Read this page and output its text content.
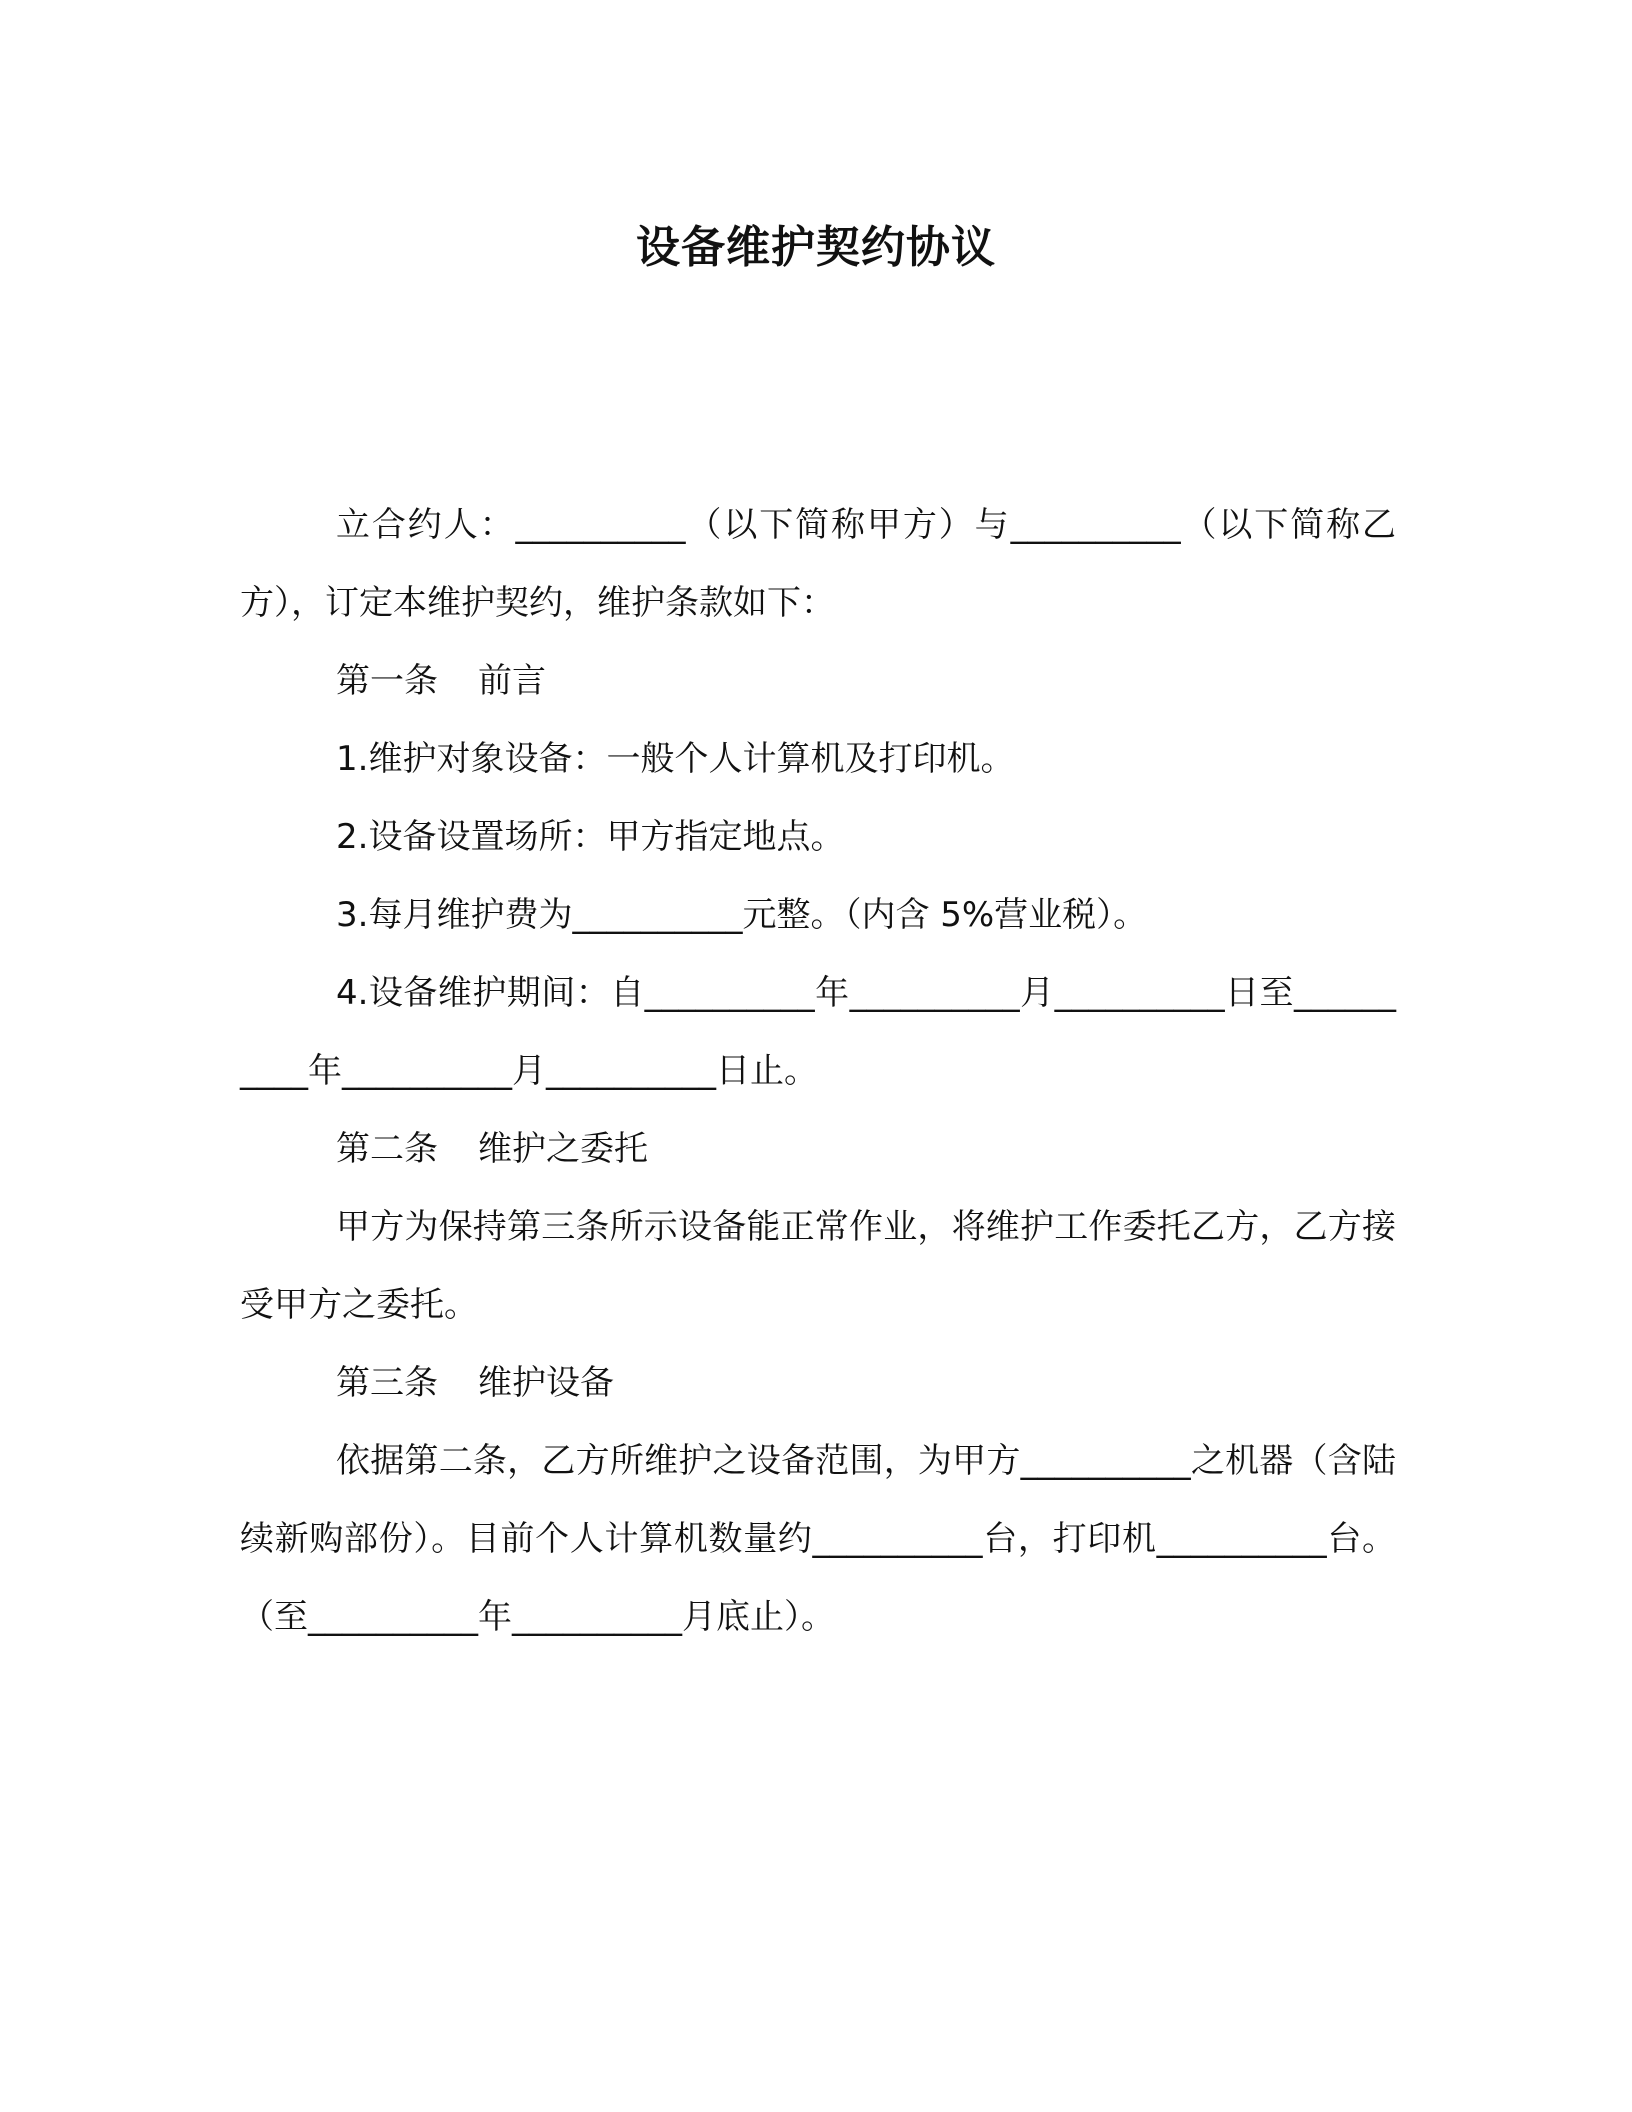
设备维护契约协议

立合约人：__________（以下简称甲方）与__________（以下简称乙方），订定本维护契约，维护条款如下：

第一条 前言

1.维护对象设备：一般个人计算机及打印机。

2.设备设置场所：甲方指定地点。

3.每月维护费为__________元整。（内含 5%营业税）。

4.设备维护期间：自__________年__________月__________日至__________年__________月__________日止。

第二条 维护之委托

甲方为保持第三条所示设备能正常作业，将维护工作委托乙方，乙方接受甲方之委托。

第三条 维护设备

依据第二条，乙方所维护之设备范围，为甲方__________之机器（含陆续新购部份）。目前个人计算机数量约__________台，打印机__________台。（至__________年__________月底止）。
